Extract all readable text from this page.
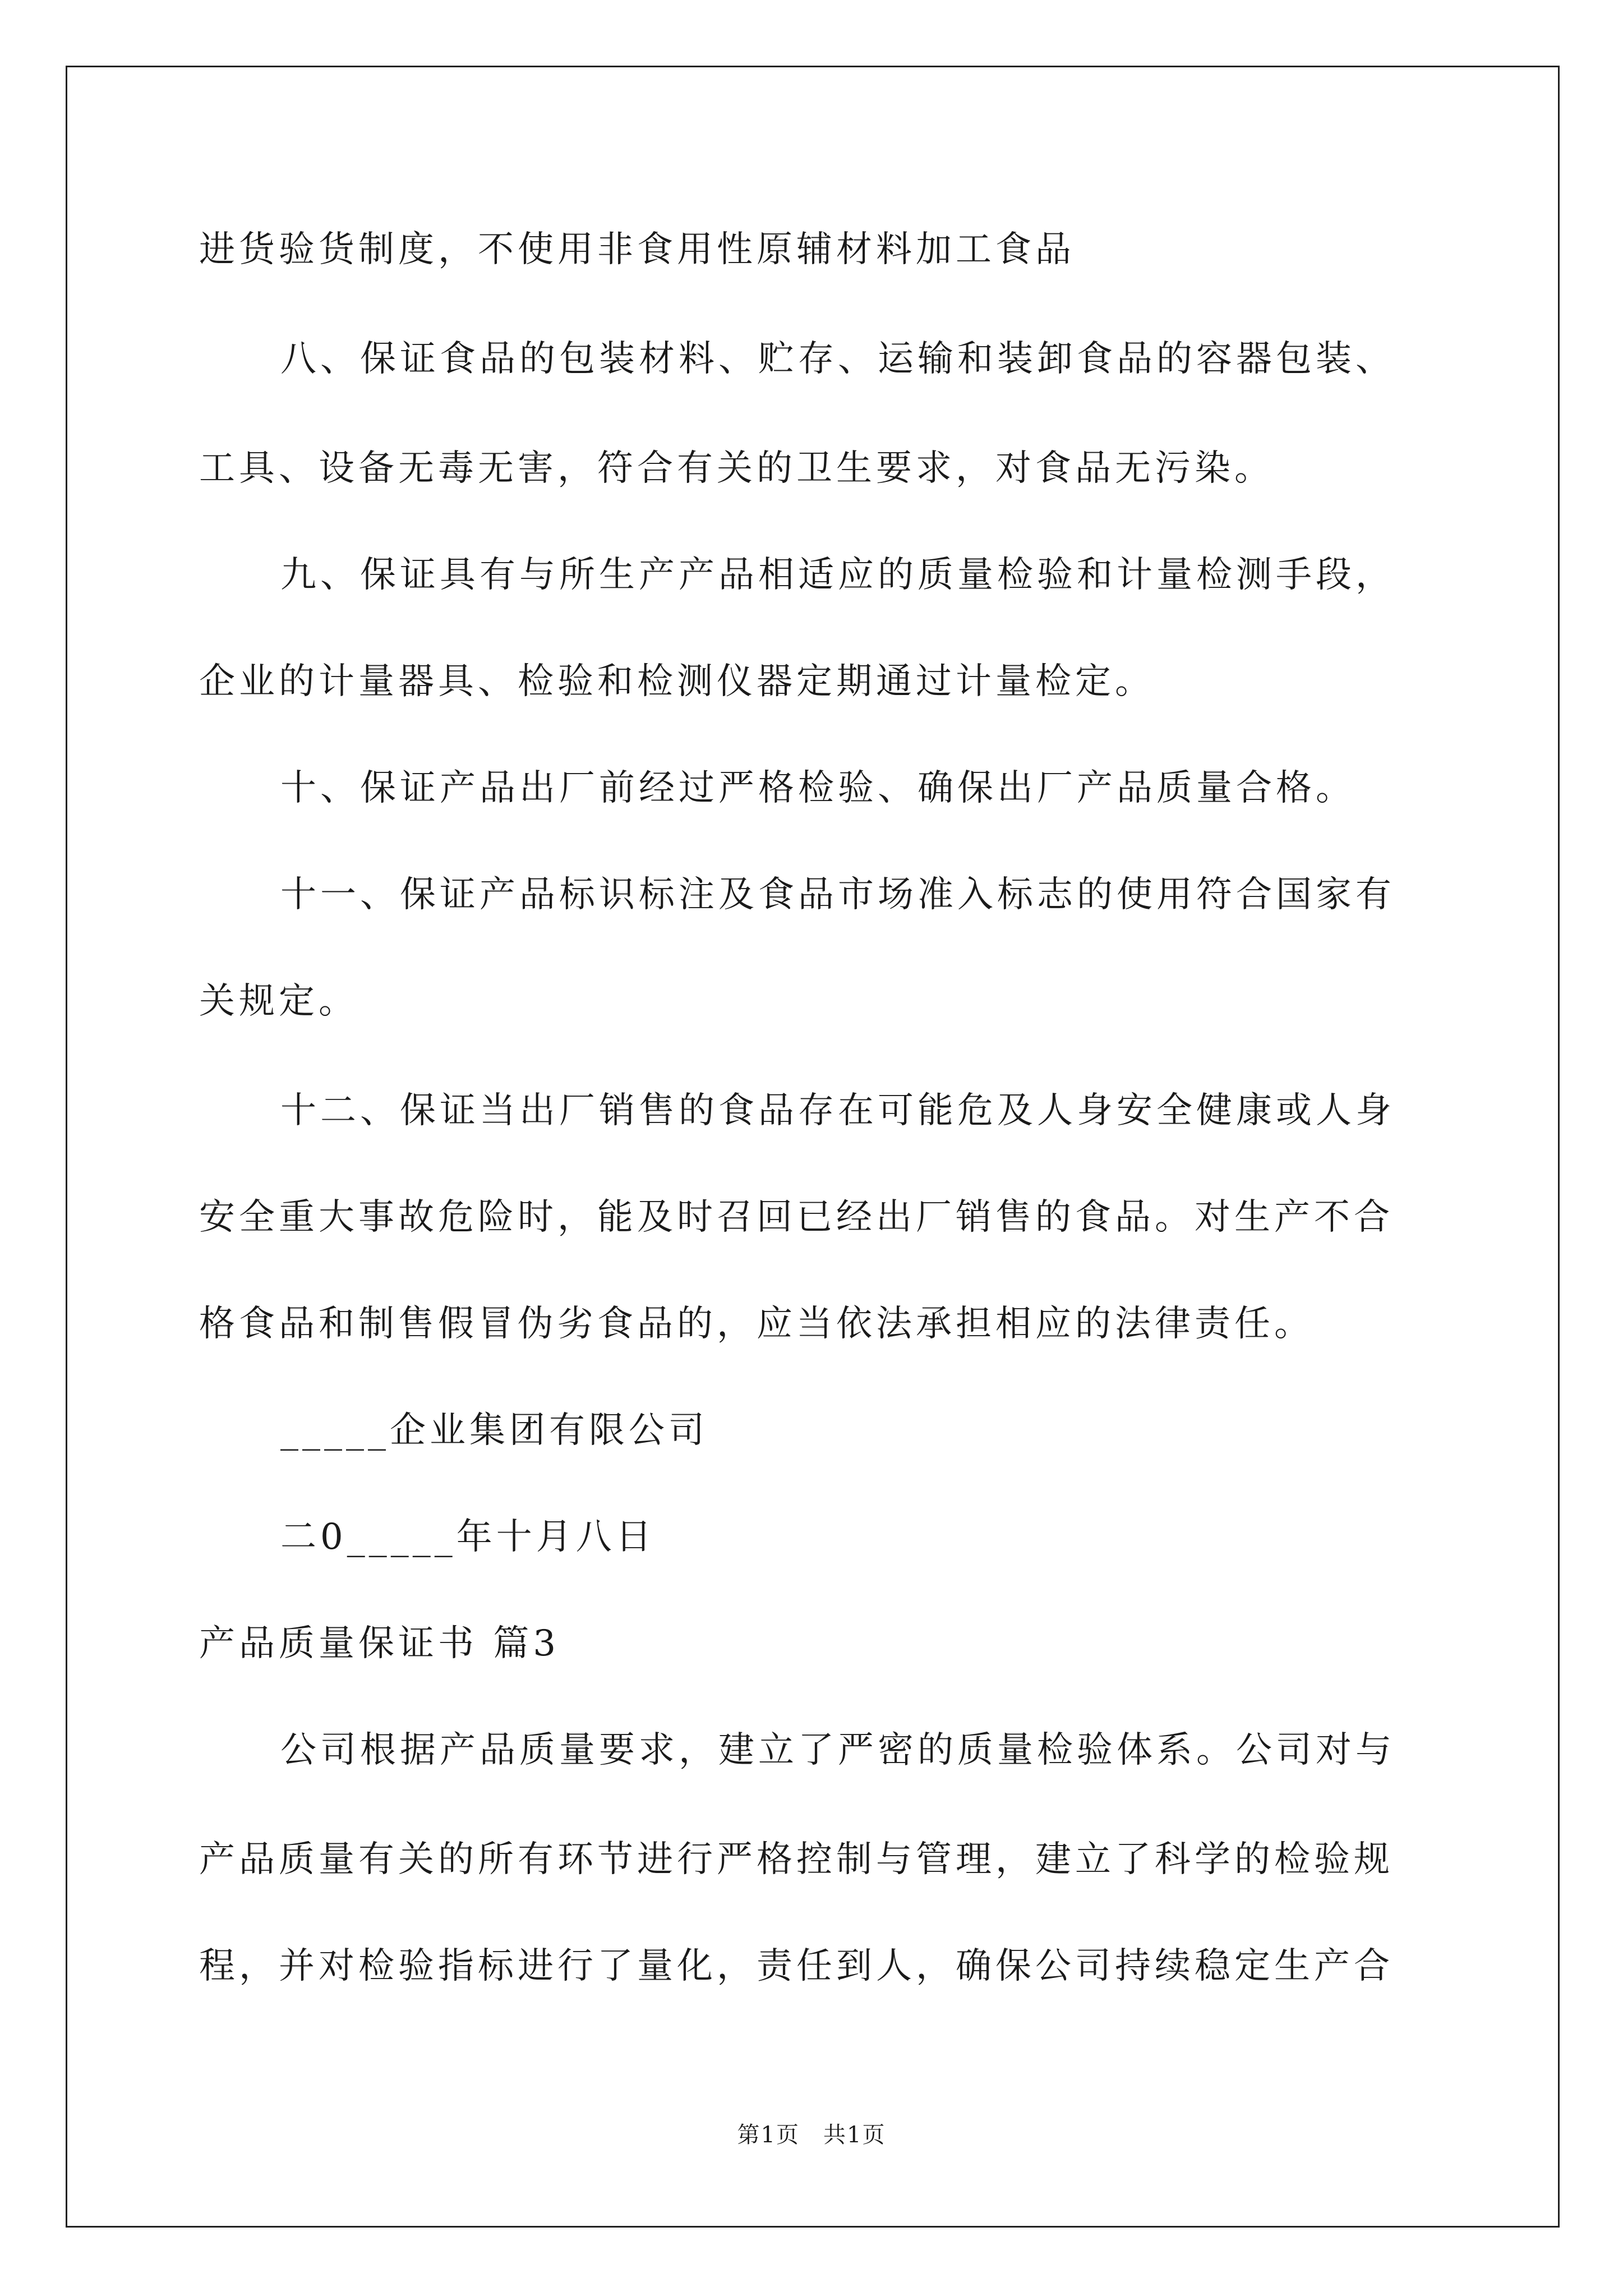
进货验货制度，不使用非食用性原辅材料加工食品
八、保证食品的包装材料、贮存、运输和装卸食品的容器包装、
工具、设备无毒无害，符合有关的卫生要求，对食品无污染。
九、保证具有与所生产产品相适应的质量检验和计量检测手段，
企业的计量器具、检验和检测仪器定期通过计量检定。
十、保证产品出厂前经过严格检验、确保出厂产品质量合格。
十一、保证产品标识标注及食品市场准入标志的使用符合国家有
关规定。
十二、保证当出厂销售的食品存在可能危及人身安全健康或人身
安全重大事故危险时，能及时召回已经出厂销售的食品。对生产不合
格食品和制售假冒伪劣食品的，应当依法承担相应的法律责任。
_____企业集团有限公司
二0_____年十月八日
产品质量保证书 篇3
公司根据产品质量要求，建立了严密的质量检验体系。公司对与
产品质量有关的所有环节进行严格控制与管理，建立了科学的检验规
程，并对检验指标进行了量化，责任到人，确保公司持续稳定生产合
第1页 共1页
